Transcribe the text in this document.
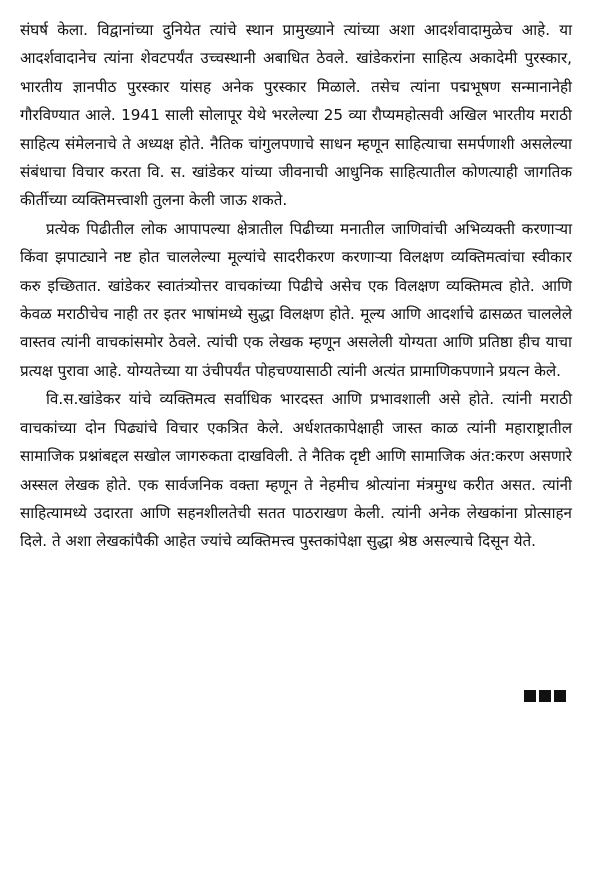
संघर्ष केला. विद्वानांच्या दुनियेत त्यांचे स्थान प्रामुख्याने त्यांच्या अशा आदर्शवादामुळेच आहे. या आदर्शवादानेच त्यांना शेवटपर्यंत उच्चस्थानी अबाधित ठेवले. खांडेकरांना साहित्य अकादेमी पुरस्कार, भारतीय ज्ञानपीठ पुरस्कार यांसह अनेक पुरस्कार मिळाले. तसेच त्यांना पद्मभूषण सन्मानानेही गौरविण्यात आले. 1941 साली सोलापूर येथे भरलेल्या 25 व्या रौप्यमहोत्सवी अखिल भारतीय मराठी साहित्य संमेलनाचे ते अध्यक्ष होते. नैतिक चांगुलपणाचे साधन म्हणून साहित्याचा समर्पणाशी असलेल्या संबंधाचा विचार करता वि. स. खांडेकर यांच्या जीवनाची आधुनिक साहित्यातील कोणत्याही जागतिक कीर्तीच्या व्यक्तिमत्त्वाशी तुलना केली जाऊ शकते.

प्रत्येक पिढीतील लोक आपापल्या क्षेत्रातील पिढीच्या मनातील जाणिवांची अभिव्यक्ती करणाऱ्या किंवा झपाट्याने नष्ट होत चाललेल्या मूल्यांचे सादरीकरण करणाऱ्या विलक्षण व्यक्तिमत्वांचा स्वीकार करु इच्छितात. खांडेकर स्वातंत्र्योत्तर वाचकांच्या पिढीचे असेच एक विलक्षण व्यक्तिमत्व होते. आणि केवळ मराठीचेच नाही तर इतर भाषांमध्ये सुद्धा विलक्षण होते. मूल्य आणि आदर्शाचे ढासळत चाललेले वास्तव त्यांनी वाचकांसमोर ठेवले. त्यांची एक लेखक म्हणून असलेली योग्यता आणि प्रतिष्ठा हीच याचा प्रत्यक्ष पुरावा आहे. योग्यतेच्या या उंचीपर्यंत पोहचण्यासाठी त्यांनी अत्यंत प्रामाणिकपणाने प्रयत्न केले.

वि.स.खांडेकर यांचे व्यक्तिमत्व सर्वाधिक भारदस्त आणि प्रभावशाली असे होते. त्यांनी मराठी वाचकांच्या दोन पिढ्यांचे विचार एकत्रित केले. अर्धशतकापेक्षाही जास्त काळ त्यांनी महाराष्ट्रातील सामाजिक प्रश्नांबद्दल सखोल जागरुकता दाखविली. ते नैतिक दृष्टी आणि सामाजिक अंत:करण असणारे अस्सल लेखक होते. एक सार्वजनिक वक्ता म्हणून ते नेहमीच श्रोत्यांना मंत्रमुग्ध करीत असत. त्यांनी साहित्यामध्ये उदारता आणि सहनशीलतेची सतत पाठराखण केली. त्यांनी अनेक लेखकांना प्रोत्साहन दिले. ते अशा लेखकांपैकी आहेत ज्यांचे व्यक्तिमत्त्व पुस्तकांपेक्षा सुद्धा श्रेष्ठ असल्याचे दिसून येते.
